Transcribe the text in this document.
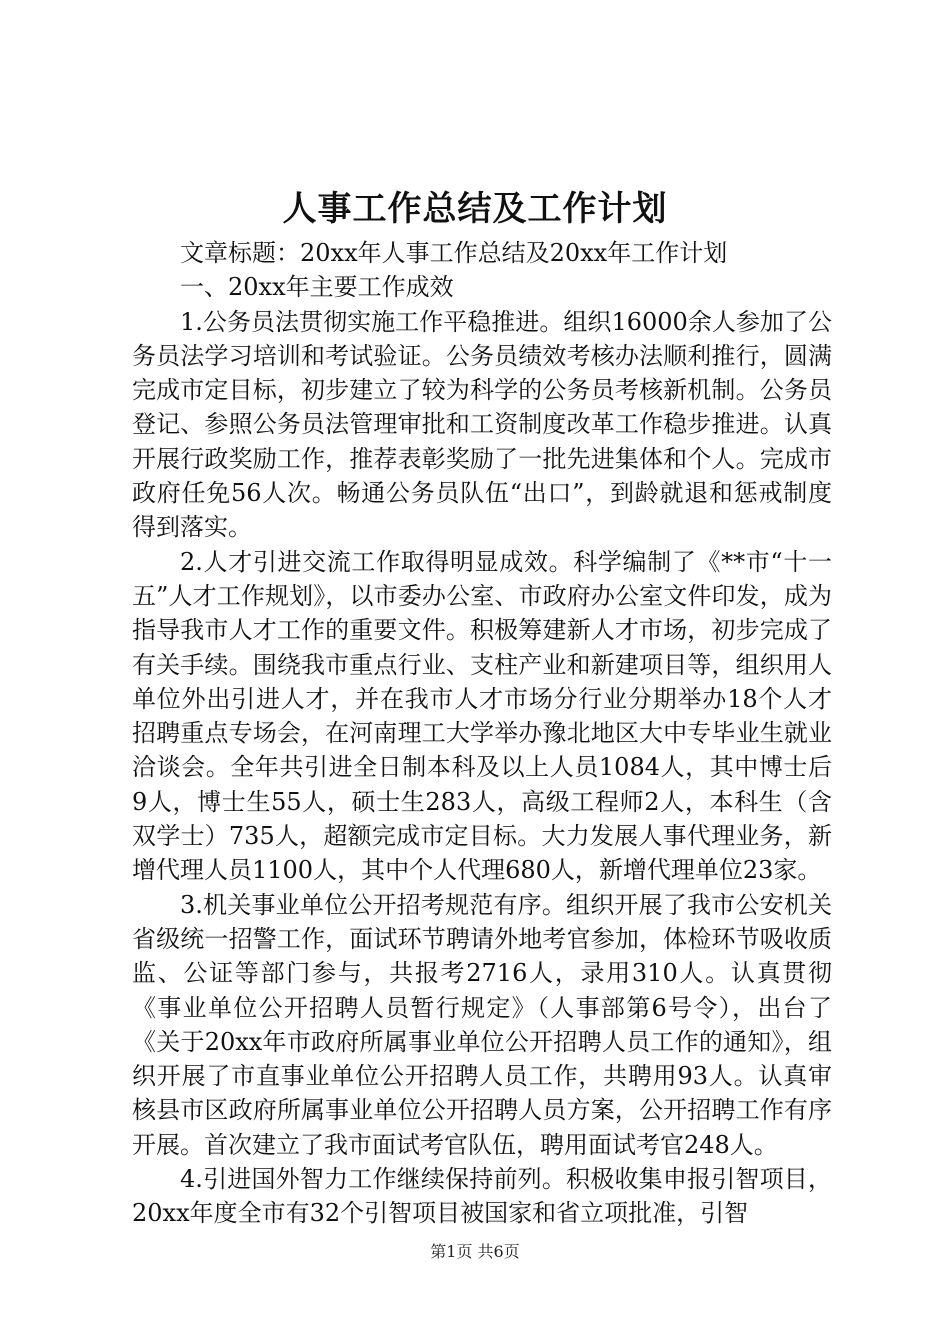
人事工作总结及工作计划

文章标题：20xx年人事工作总结及20xx年工作计划

一、20xx年主要工作成效

1.公务员法贯彻实施工作平稳推进。组织16000余人参加了公务员法学习培训和考试验证。公务员绩效考核办法顺利推行，圆满完成市定目标，初步建立了较为科学的公务员考核新机制。公务员登记、参照公务员法管理审批和工资制度改革工作稳步推进。认真开展行政奖励工作，推荐表彰奖励了一批先进集体和个人。完成市政府任免56人次。畅通公务员队伍“出口”，到龄就退和惩戒制度得到落实。

2.人才引进交流工作取得明显成效。科学编制了《**市“十一五”人才工作规划》，以市委办公室、市政府办公室文件印发，成为指导我市人才工作的重要文件。积极筹建新人才市场，初步完成了有关手续。围绕我市重点行业、支柱产业和新建项目等，组织用人单位外出引进人才，并在我市人才市场分行业分期举办18个人才招聘重点专场会，在河南理工大学举办豫北地区大中专毕业生就业洽谈会。全年共引进全日制本科及以上人员1084人，其中博士后9人，博士生55人，硕士生283人，高级工程师2人，本科生（含双学士）735人，超额完成市定目标。大力发展人事代理业务，新增代理人员1100人，其中个人代理680人，新增代理单位23家。

3.机关事业单位公开招考规范有序。组织开展了我市公安机关省级统一招警工作，面试环节聘请外地考官参加，体检环节吸收质监、公证等部门参与，共报考2716人，录用310人。认真贯彻《事业单位公开招聘人员暂行规定》（人事部第6号令），出台了《关于20xx年市政府所属事业单位公开招聘人员工作的通知》，组织开展了市直事业单位公开招聘人员工作，共聘用93人。认真审核县市区政府所属事业单位公开招聘人员方案，公开招聘工作有序开展。首次建立了我市面试考官队伍，聘用面试考官248人。

4.引进国外智力工作继续保持前列。积极收集申报引智项目，20xx年度全市有32个引智项目被国家和省立项批准，引智

第1页 共6页
